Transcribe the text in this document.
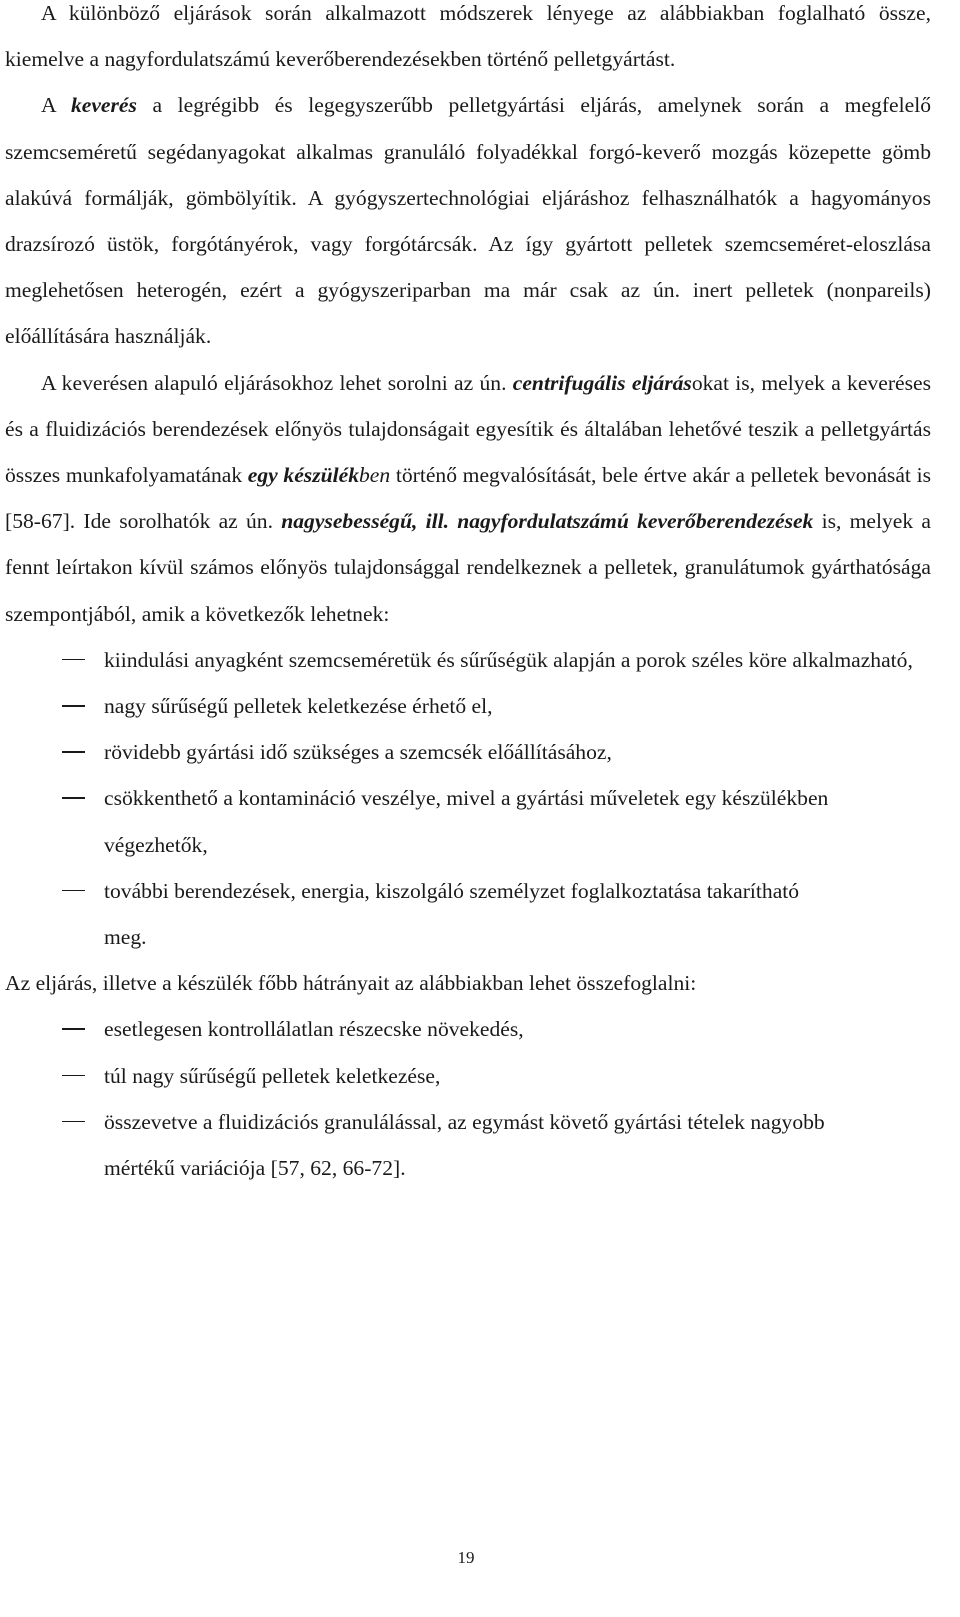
A különböző eljárások során alkalmazott módszerek lényege az alábbiakban foglalható össze, kiemelve a nagyfordulatszámú keverőberendezésekben történő pelletgyártást.

A keverés a legrégibb és legegyszerűbb pelletgyártási eljárás, amelynek során a megfelelő szemcseméretű segédanyagokat alkalmas granuláló folyadékkal forgó-keverő mozgás közepette gömb alakúvá formálják, gömbölyítik. A gyógyszertechnológiai eljáráshoz felhasználhatók a hagyományos drazsírozó üstök, forgótányérok, vagy forgótárcsák. Az így gyártott pelletek szemcseméret-eloszlása meglehetősen heterogén, ezért a gyógyszeriparban ma már csak az ún. inert pelletek (nonpareils) előállítására használják.

A keverésen alapuló eljárásokhoz lehet sorolni az ún. centrifugális eljárásokat is, melyek a keveréses és a fluidizációs berendezések előnyös tulajdonságait egyesítik és általában lehetővé teszik a pelletgyártás összes munkafolyamatának egy készülékben történő megvalósítását, bele értve akár a pelletek bevonását is [58-67]. Ide sorolhatók az ún. nagysebességű, ill. nagyfordulatszámú keverőberendezések is, melyek a fennt leírtakon kívül számos előnyös tulajdonsággal rendelkeznek a pelletek, granulátumok gyárthatósága szempontjából, amik a következők lehetnek:

kiindulási anyagként szemcseméretük és sűrűségük alapján a porok széles köre alkalmazható,
nagy sűrűségű pelletek keletkezése érhető el,
rövidebb gyártási idő szükséges a szemcsék előállításához,
csökkenthető a kontamináció veszélye, mivel a gyártási műveletek egy készülékben végezhetők,
további berendezések, energia, kiszolgáló személyzet foglalkoztatása takarítható meg.

Az eljárás, illetve a készülék főbb hátrányait az alábbiakban lehet összefoglalni:

esetlegesen kontrollálatlan részecske növekedés,
túl nagy sűrűségű pelletek keletkezése,
összevetve a fluidizációs granulálással, az egymást követő gyártási tételek nagyobb mértékű variációja [57, 62, 66-72].
19
